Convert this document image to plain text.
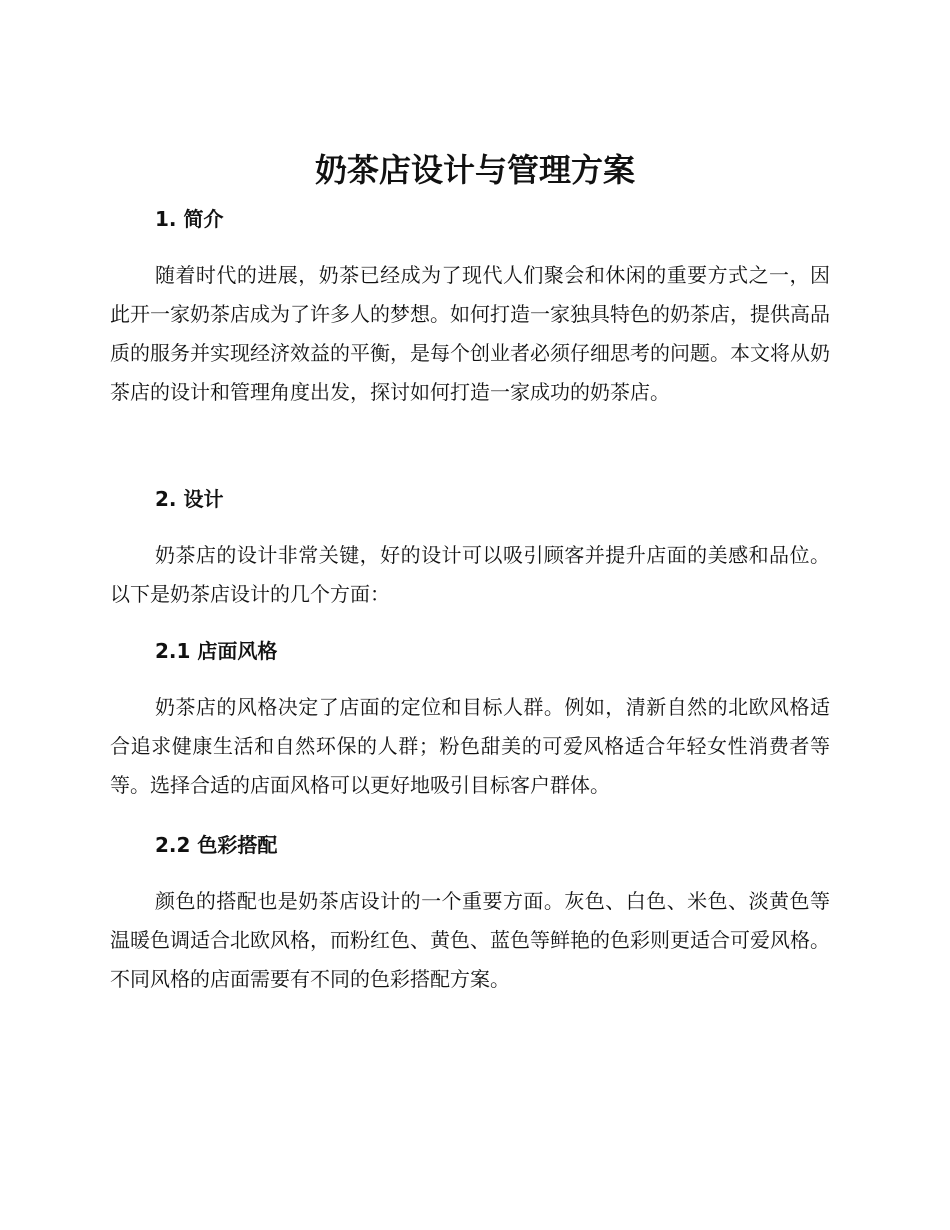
奶茶店设计与管理方案
1. 简介

随着时代的进展，奶茶已经成为了现代人们聚会和休闲的重要方式之一，因此开一家奶茶店成为了许多人的梦想。如何打造一家独具特色的奶茶店，提供高品质的服务并实现经济效益的平衡，是每个创业者必须仔细思考的问题。本文将从奶茶店的设计和管理角度出发，探讨如何打造一家成功的奶茶店。

2. 设计

奶茶店的设计非常关键，好的设计可以吸引顾客并提升店面的美感和品位。以下是奶茶店设计的几个方面：

2.1 店面风格

奶茶店的风格决定了店面的定位和目标人群。例如，清新自然的北欧风格适合追求健康生活和自然环保的人群；粉色甜美的可爱风格适合年轻女性消费者等等。选择合适的店面风格可以更好地吸引目标客户群体。

2.2 色彩搭配

颜色的搭配也是奶茶店设计的一个重要方面。灰色、白色、米色、淡黄色等温暖色调适合北欧风格，而粉红色、黄色、蓝色等鲜艳的色彩则更适合可爱风格。不同风格的店面需要有不同的色彩搭配方案。
